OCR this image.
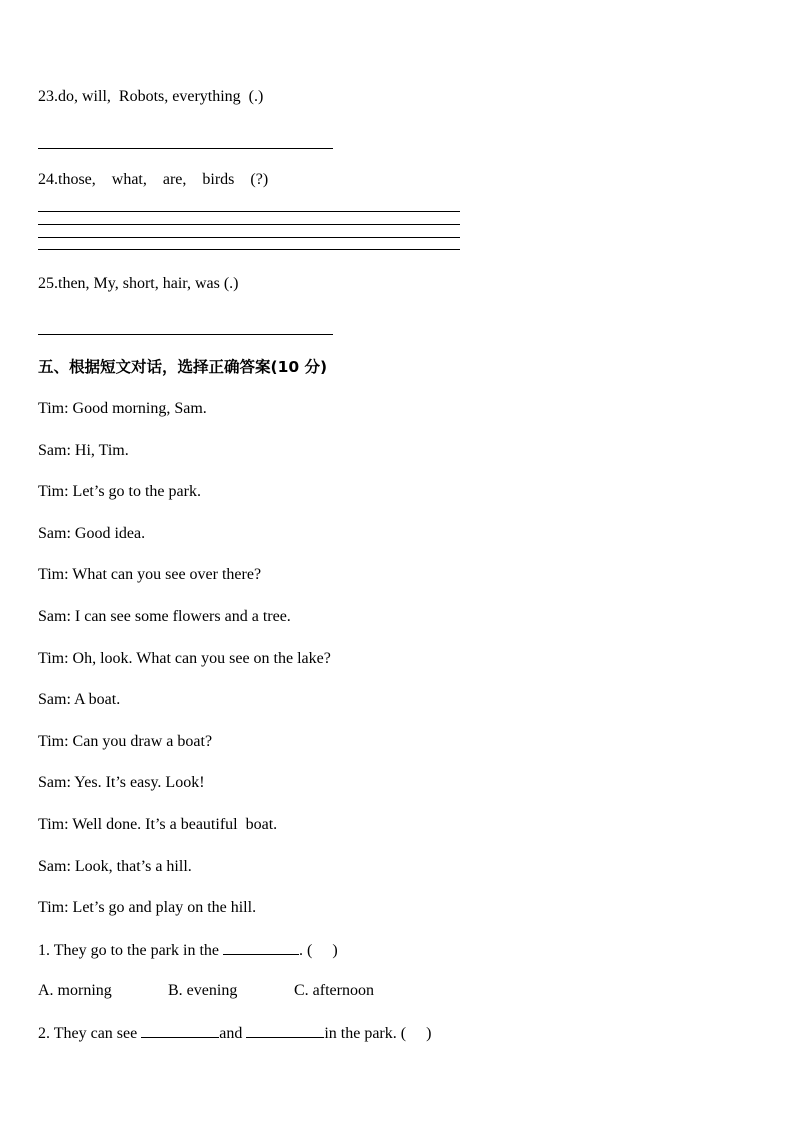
23.do, will,  Robots, everything  (.)
24.those,    what,    are,    birds    (?)
25.then, My, short, hair, was (.)
五、根据短文对话，选择正确答案(10 分)
Tim: Good morning, Sam.
Sam: Hi, Tim.
Tim: Let’s go to the park.
Sam: Good idea.
Tim: What can you see over there?
Sam: I can see some flowers and a tree.
Tim: Oh, look. What can you see on the lake?
Sam: A boat.
Tim: Can you draw a boat?
Sam: Yes. It’s easy. Look!
Tim: Well done. It’s a beautiful  boat.
Sam: Look, that’s a hill.
Tim: Let’s go and play on the hill.
1. They go to the park in the	. (     )
A. morning	B. evening	C. afternoon
2. They can see	and	in the park. (     )
